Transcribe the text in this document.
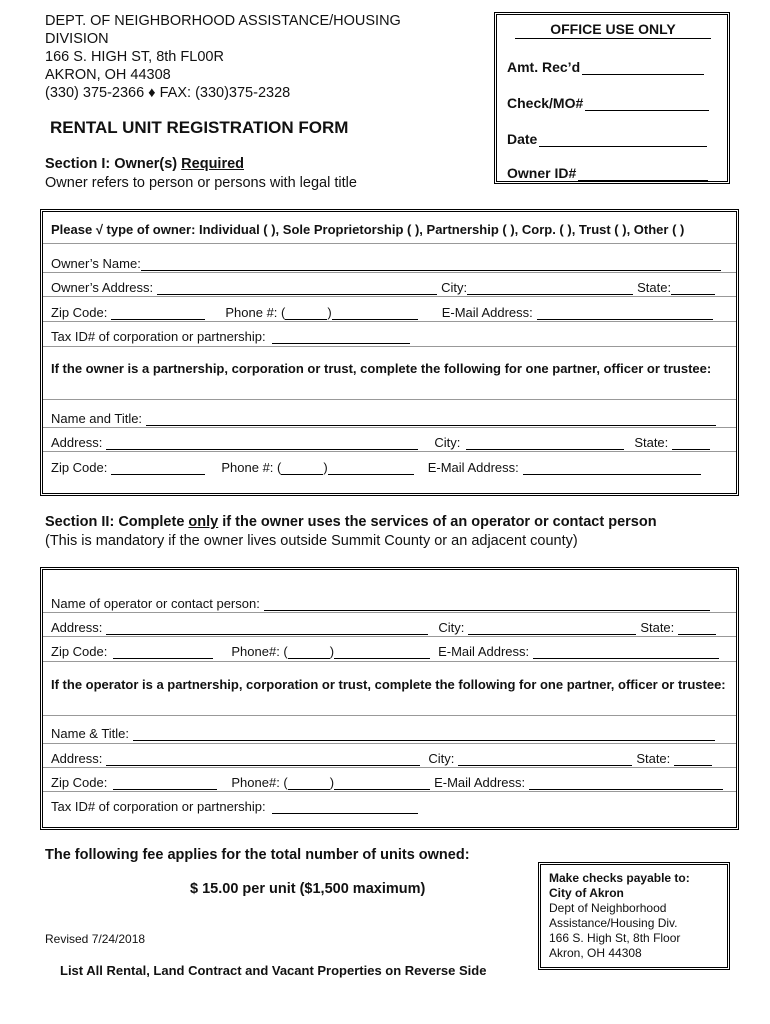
DEPT. OF NEIGHBORHOOD ASSISTANCE/HOUSING
DIVISION
166 S. HIGH ST, 8th FL00R
AKRON, OH 44308
(330) 375-2366 ♦ FAX: (330)375-2328
OFFICE USE ONLY
Amt. Rec’d
Check/MO#
Date
Owner ID#
RENTAL UNIT REGISTRATION FORM
Section I: Owner(s) Required
Owner refers to person or persons with legal title
Please √ type of owner: Individual ( ), Sole Proprietorship ( ), Partnership ( ), Corp. ( ), Trust ( ), Other ( )
Owner’s Name:
Owner’s Address:	City:	State:
Zip Code:	Phone #: (	)	E-Mail Address:
Tax ID# of corporation or partnership:
If the owner is a partnership, corporation or trust, complete the following for one partner, officer or trustee:
Name and Title:
Address:	City:	State:
Zip Code:	Phone #: (	)	E-Mail Address:
Section II: Complete only if the owner uses the services of an operator or contact person
(This is mandatory if the owner lives outside Summit County or an adjacent county)
Name of operator or contact person:
Address:	City:	State:
Zip Code:	Phone#: (	)	E-Mail Address:
If the operator is a partnership, corporation or trust, complete the following for one partner, officer or trustee:
Name & Title:
Address:	City:	State:
Zip Code:	Phone#: (	)	E-Mail Address:
Tax ID# of corporation or partnership:
The following fee applies for the total number of units owned:
$ 15.00 per unit ($1,500 maximum)
Revised 7/24/2018
List All Rental, Land Contract and Vacant Properties on Reverse Side
Make checks payable to:
City of Akron
Dept of Neighborhood
Assistance/Housing Div.
166 S. High St, 8th Floor
Akron, OH 44308
